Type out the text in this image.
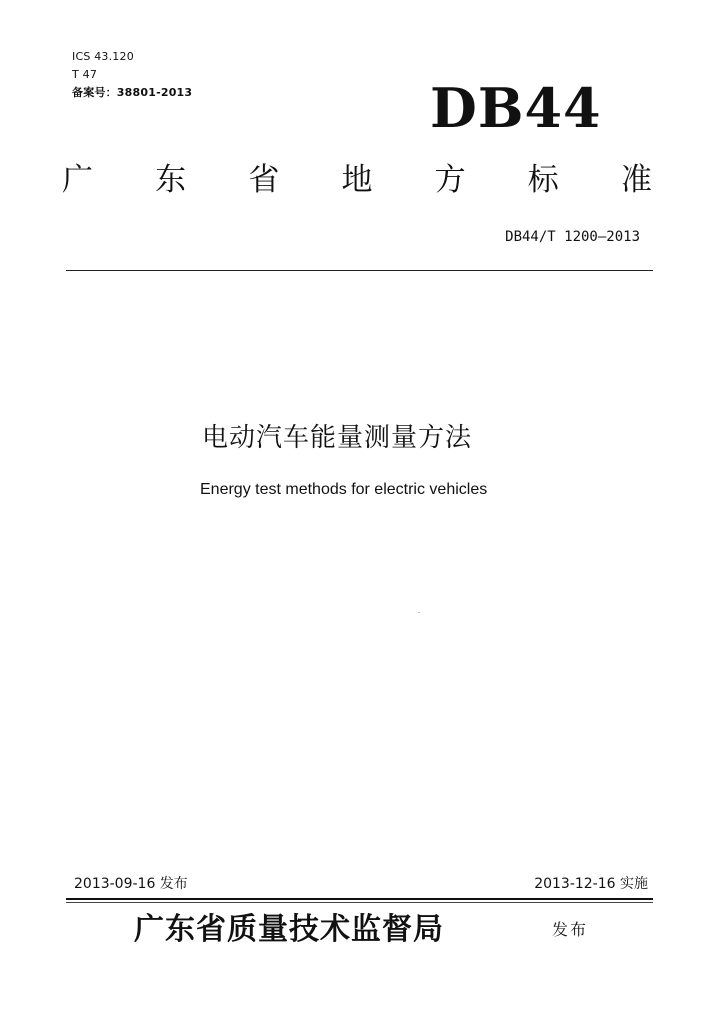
ICS 43.120
T 47
备案号：38801-2013	DB44
广 东 省 地 方 标 准
DB44/T 1200—2013
电动汽车能量测量方法
Energy test methods for electric vehicles
2013-09-16 发布	2013-12-16 实施
广东省质量技术监督局	发布
